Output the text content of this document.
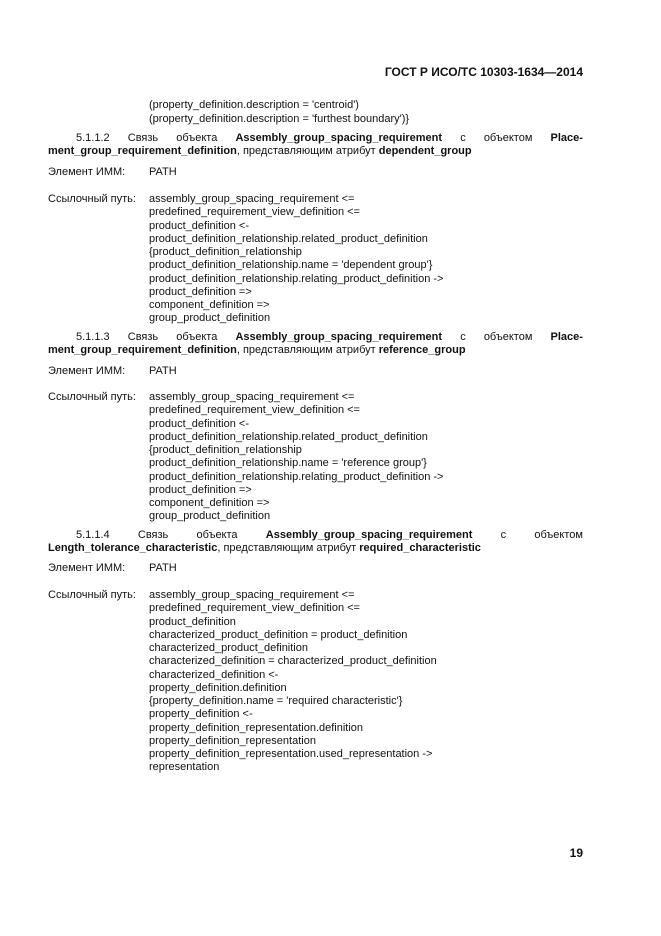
ГОСТ Р ИСО/ТС 10303-1634—2014
(property_definition.description = 'centroid')
(property_definition.description = 'furthest boundary')}
5.1.1.2 Связь объекта Assembly_group_spacing_requirement с объектом Place-
ment_group_requirement_definition, представляющим атрибут dependent_group
Элемент ИММ: PATH
Ссылочный путь: assembly_group_spacing_requirement <=
predefined_requirement_view_definition <=
product_definition <-
product_definition_relationship.related_product_definition
{product_definition_relationship
product_definition_relationship.name = 'dependent group'}
product_definition_relationship.relating_product_definition ->
product_definition =>
component_definition =>
group_product_definition
5.1.1.3 Связь объекта Assembly_group_spacing_requirement с объектом Place-
ment_group_requirement_definition, представляющим атрибут reference_group
Элемент ИММ: PATH
Ссылочный путь: assembly_group_spacing_requirement <=
predefined_requirement_view_definition <=
product_definition <-
product_definition_relationship.related_product_definition
{product_definition_relationship
product_definition_relationship.name = 'reference group'}
product_definition_relationship.relating_product_definition ->
product_definition =>
component_definition =>
group_product_definition
5.1.1.4	Связь	объекта	Assembly_group_spacing_requirement	с	объектом
Length_tolerance_characteristic, представляющим атрибут required_characteristic
Элемент ИММ: PATH
Ссылочный путь: assembly_group_spacing_requirement <=
predefined_requirement_view_definition <=
product_definition
characterized_product_definition = product_definition
characterized_product_definition
characterized_definition = characterized_product_definition
characterized_definition <-
property_definition.definition
{property_definition.name = 'required characteristic'}
property_definition <-
property_definition_representation.definition
property_definition_representation
property_definition_representation.used_representation ->
representation
19
